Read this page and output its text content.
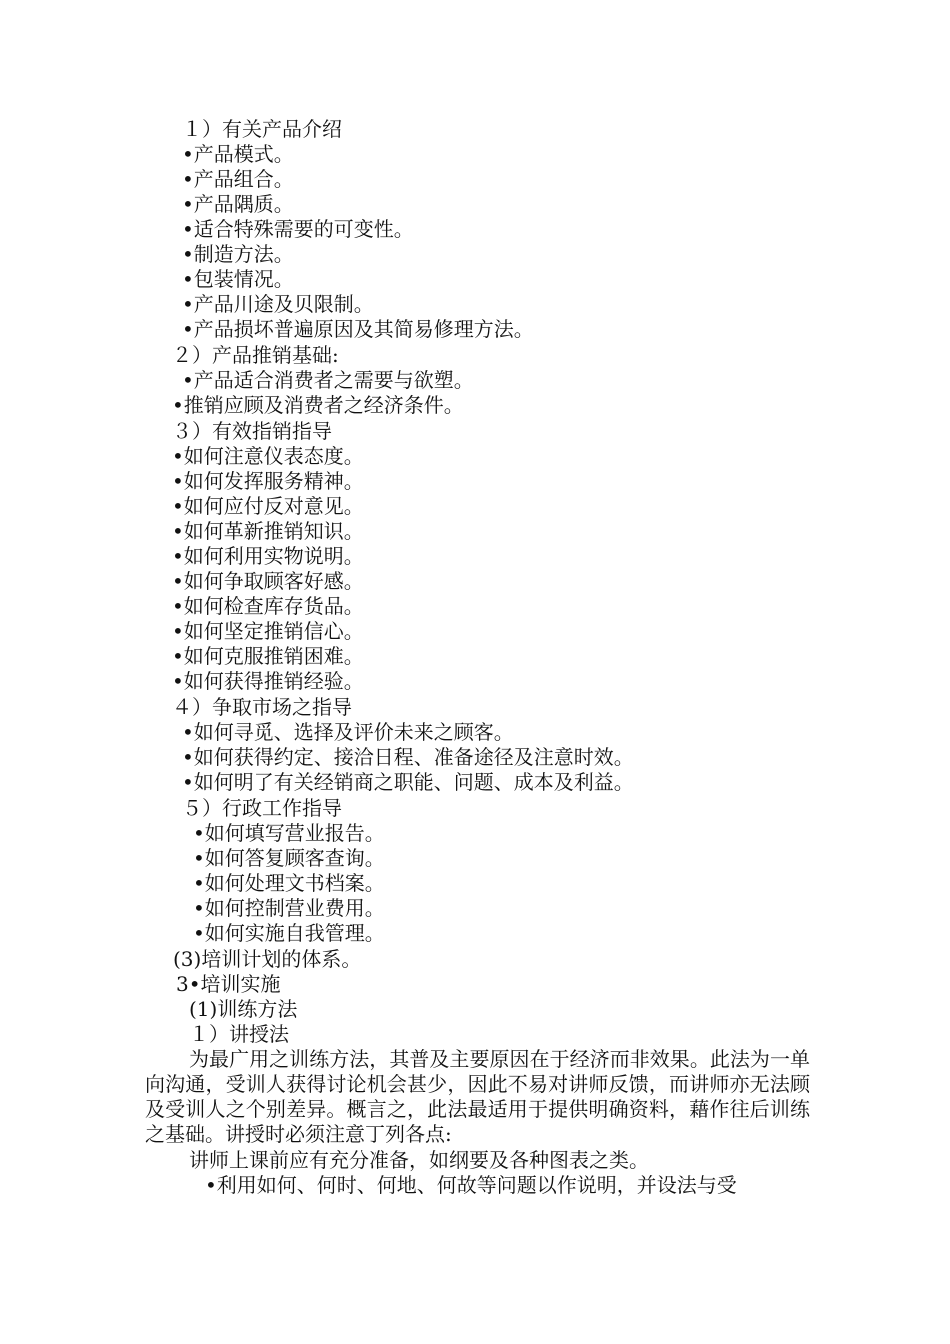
１）有关产品介绍
•产品模式。
•产品组合。
•产品隅质。
•适合特殊需要的可变性。
•制造方法。
•包装情况。
•产品川途及贝限制。
•产品损坏普遍原因及其简易修理方法。
２）产品推销基础:
•产品适合消费者之需要与欲塑。
•推销应顾及消费者之经济条件。
３）有效指销指导
•如何注意仪表态度。
•如何发挥服务精神。
•如何应付反对意见。
•如何革新推销知识。
•如何利用实物说明。
•如何争取顾客好感。
•如何检查库存货品。
•如何坚定推销信心。
•如何克服推销困难。
•如何获得推销经验。
４）争取市场之指导
•如何寻觅、选择及评价未来之顾客。
•如何获得约定、接洽日程、准备途径及注意时效。
•如何明了有关经销商之职能、问题、成本及利益。
５）行政工作指导
•如何填写营业报告。
•如何答复顾客查询。
•如何处理文书档案。
•如何控制营业费用。
•如何实施自我管理。
(3)培训计划的体系。
3•培训实施
(1)训练方法
１）讲授法
为最广用之训练方法，其普及主要原因在于经济而非效果。此法为一单向沟通，受训人获得讨论机会甚少，因此不易对讲师反馈，而讲师亦无法顾及受训人之个别差异。概言之，此法最适用于提供明确资料，藉作往后训练之基础。讲授时必须注意丁列各点:
讲师上课前应有充分准备，如纲要及各种图表之类。
•利用如何、何时、何地、何故等问题以作说明，并设法与受
